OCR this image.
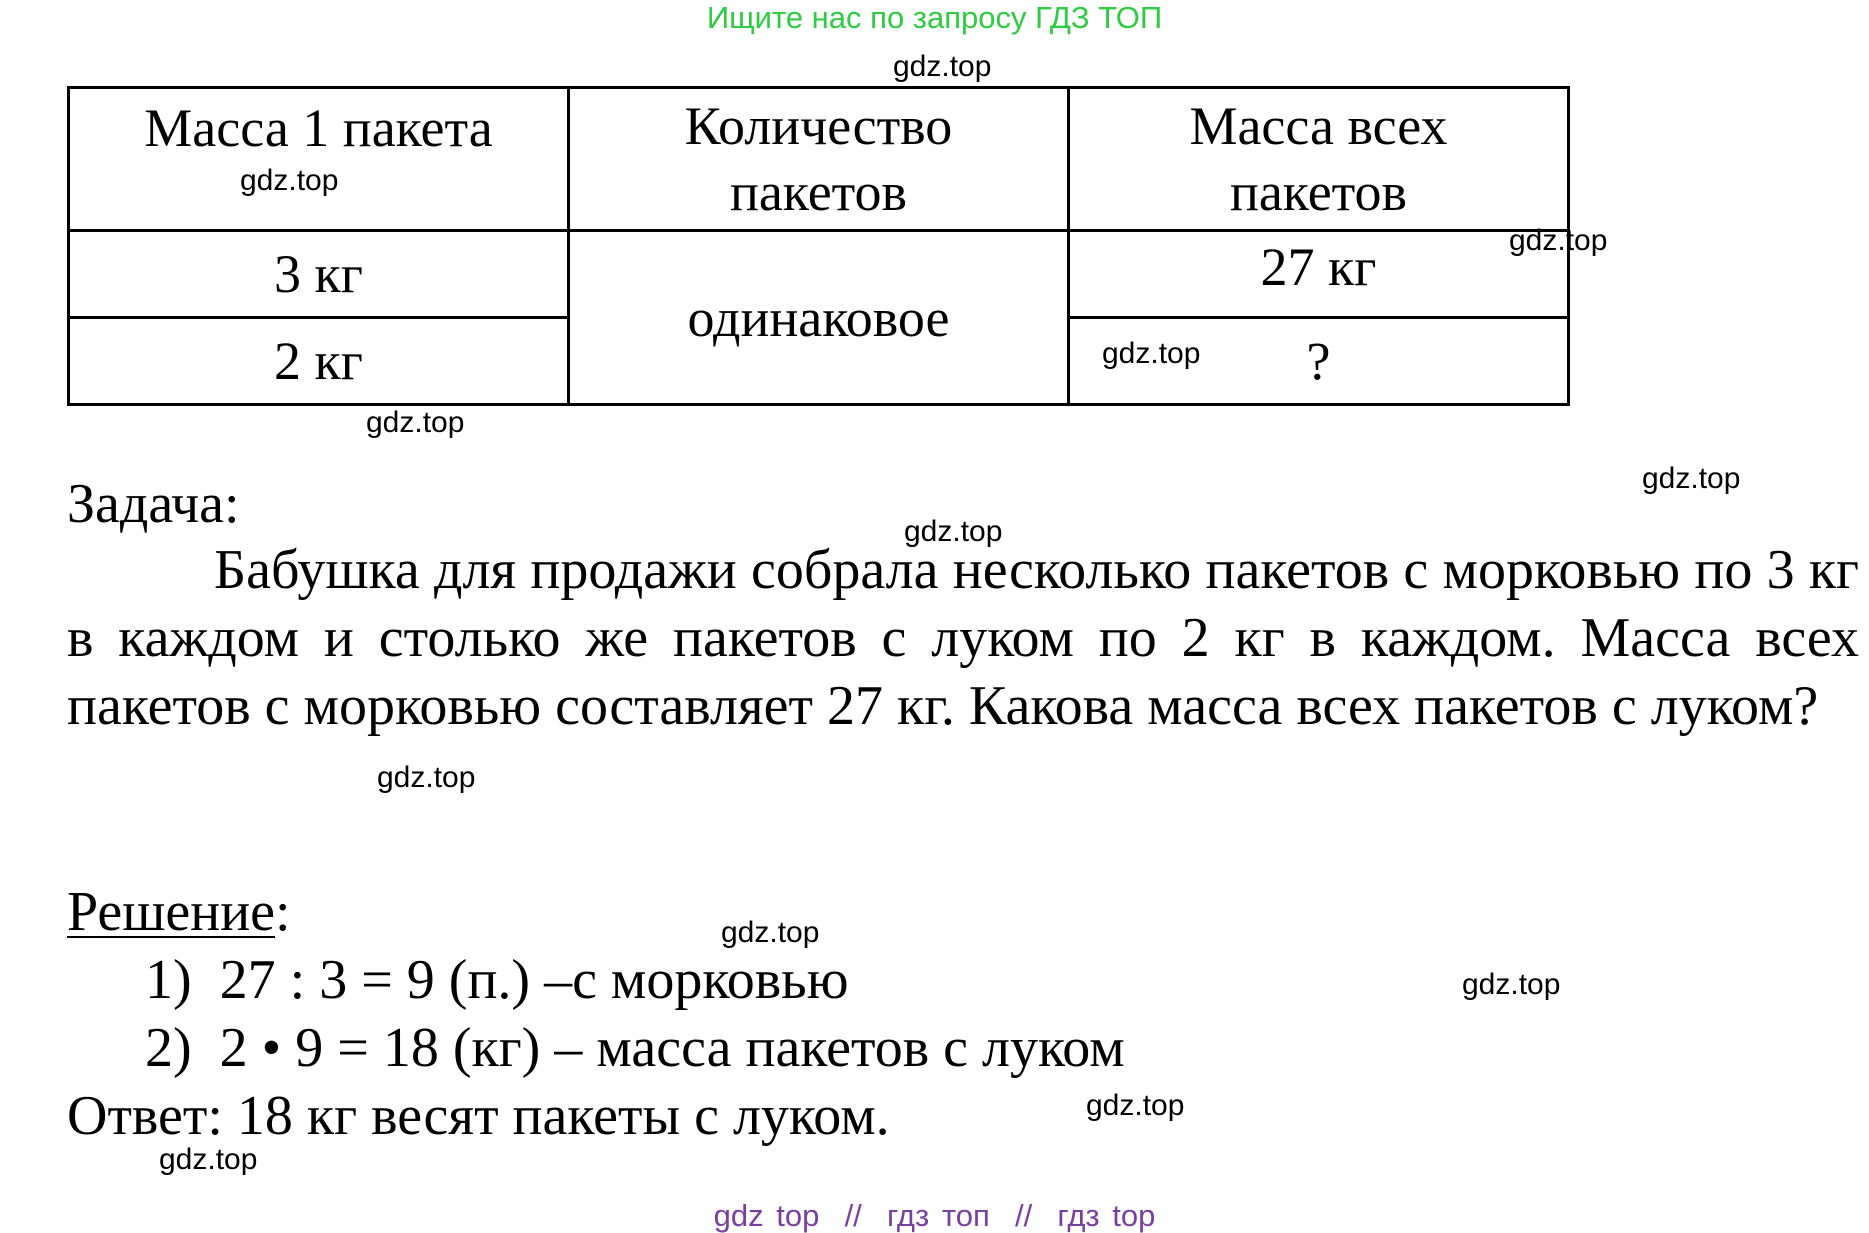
Ищите нас по запросу ГДЗ ТОП
gdz.top
Масса 1 пакета	Количество пакетов	Масса всех пакетов
3 кг	одинаковое	27 кг
2 кг		?
gdz.top
gdz.top
gdz.top
gdz.top
gdz.top
gdz.top
Задача:
Бабушка для продажи собрала несколько пакетов с морковью по 3 кг в каждом и столько же пакетов с луком по 2 кг в каждом. Масса всех пакетов с морковью составляет 27 кг. Какова масса всех пакетов с луком?
gdz.top
Решение:	gdz.top
gdz.top
1) 27 : 3 = 9 (п.) –с морковью
2) 2 • 9 = 18 (кг) – масса пакетов с луком
Ответ: 18 кг весят пакеты с луком.	gdz.top
gdz.top
gdz top  //  гдз топ  //  гдз top
